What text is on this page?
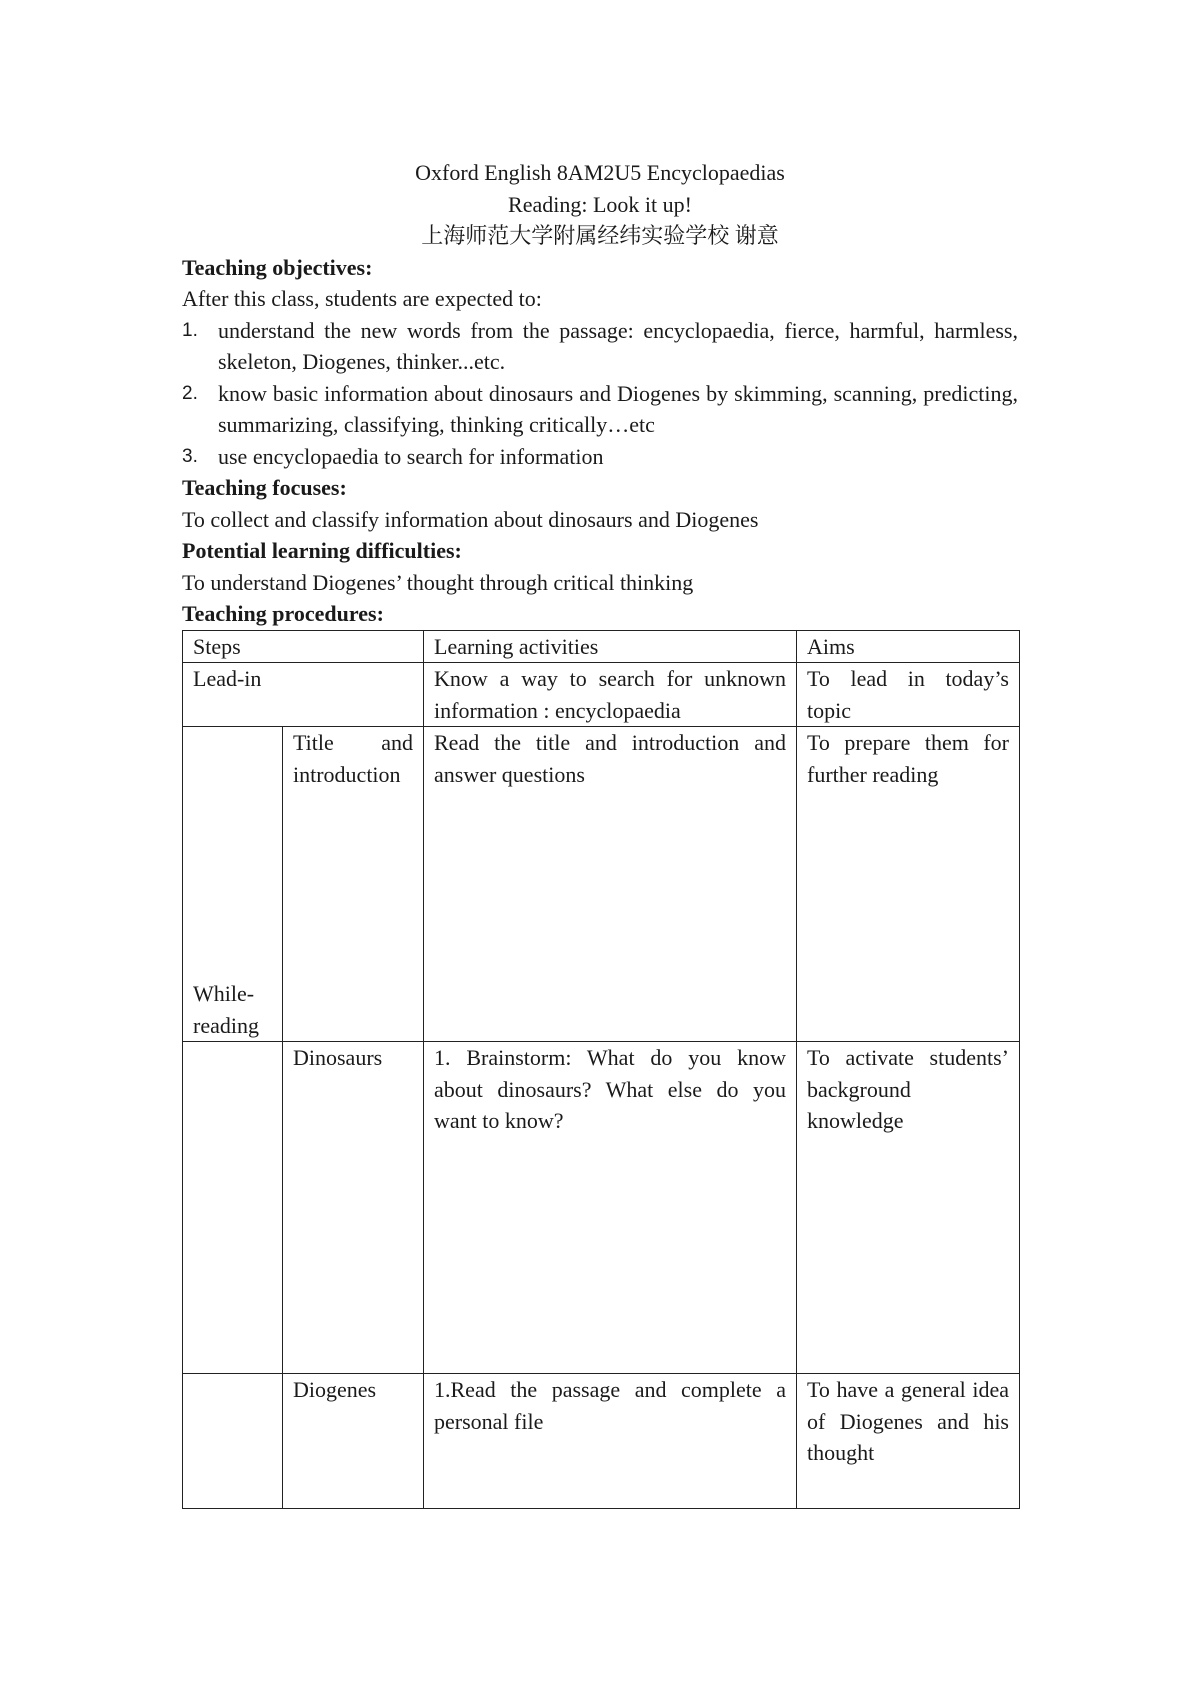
Oxford English 8AM2U5 Encyclopaedias
Reading: Look it up!
上海师范大学附属经纬实验学校 谢意
Teaching objectives:
After this class, students are expected to:
1. understand the new words from the passage: encyclopaedia, fierce, harmful, harmless, skeleton, Diogenes, thinker...etc.
2. know basic information about dinosaurs and Diogenes by skimming, scanning, predicting, summarizing, classifying, thinking critically…etc
3. use encyclopaedia to search for information
Teaching focuses:
To collect and classify information about dinosaurs and Diogenes
Potential learning difficulties:
To understand Diogenes’ thought through critical thinking
Teaching procedures:
Steps		Learning activities	Aims
Lead-in		Know a way to search for unknown information : encyclopaedia	To lead in today’s topic
While-reading	Title and introduction	Read the title and introduction and answer questions	To prepare them for further reading
	Dinosaurs	1. Brainstorm: What do you know about dinosaurs? What else do you want to know?	To activate students’ background knowledge
	Diogenes	1.Read the passage and complete a personal file	To have a general idea of Diogenes and his thought
